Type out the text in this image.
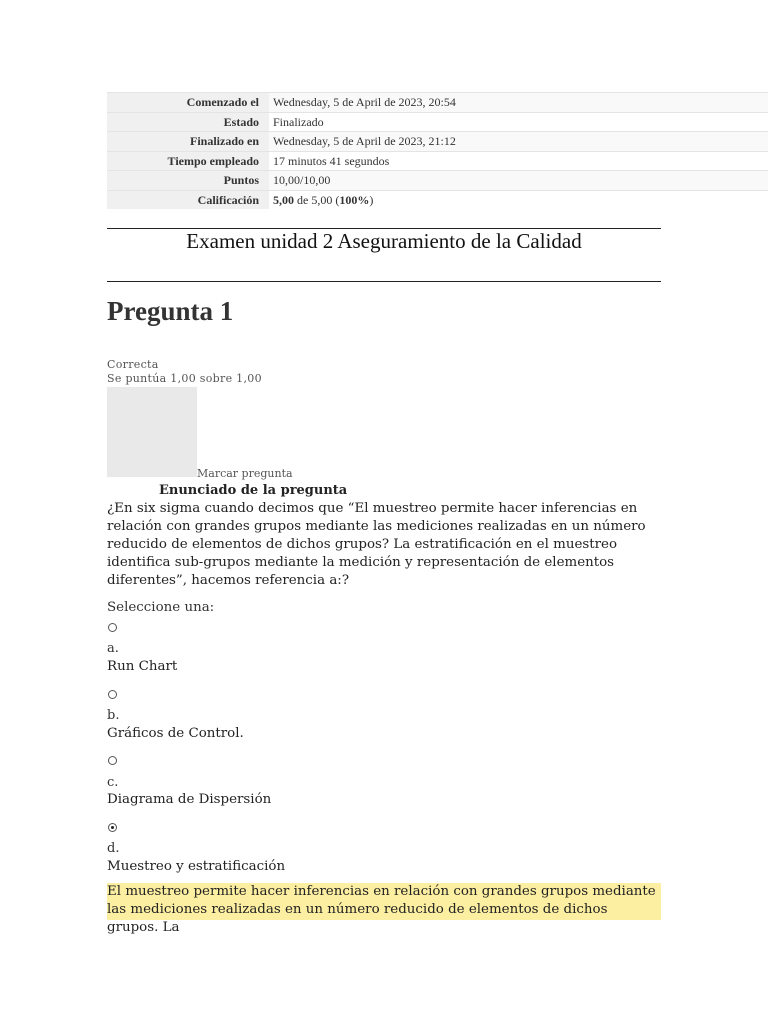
Comenzado el	Wednesday, 5 de April de 2023, 20:54
Estado	Finalizado
Finalizado en	Wednesday, 5 de April de 2023, 21:12
Tiempo empleado	17 minutos 41 segundos
Puntos	10,00/10,00
Calificación	5,00 de 5,00 (100%)
Examen unidad 2 Aseguramiento de la Calidad
Pregunta 1
Correcta
Se puntúa 1,00 sobre 1,00
Marcar pregunta
Enunciado de la pregunta
¿En six sigma cuando decimos que “El muestreo permite hacer inferencias en relación con grandes grupos mediante las mediciones realizadas en un número reducido de elementos de dichos grupos? La estratificación en el muestreo identifica sub-grupos mediante la medición y representación de elementos diferentes”, hacemos referencia a:?
Seleccione una:
a.
Run Chart
b.
Gráficos de Control.
c.
Diagrama de Dispersión
d.
Muestreo y estratificación
El muestreo permite hacer inferencias en relación con grandes grupos mediante las mediciones realizadas en un número reducido de elementos de dichos grupos. La
